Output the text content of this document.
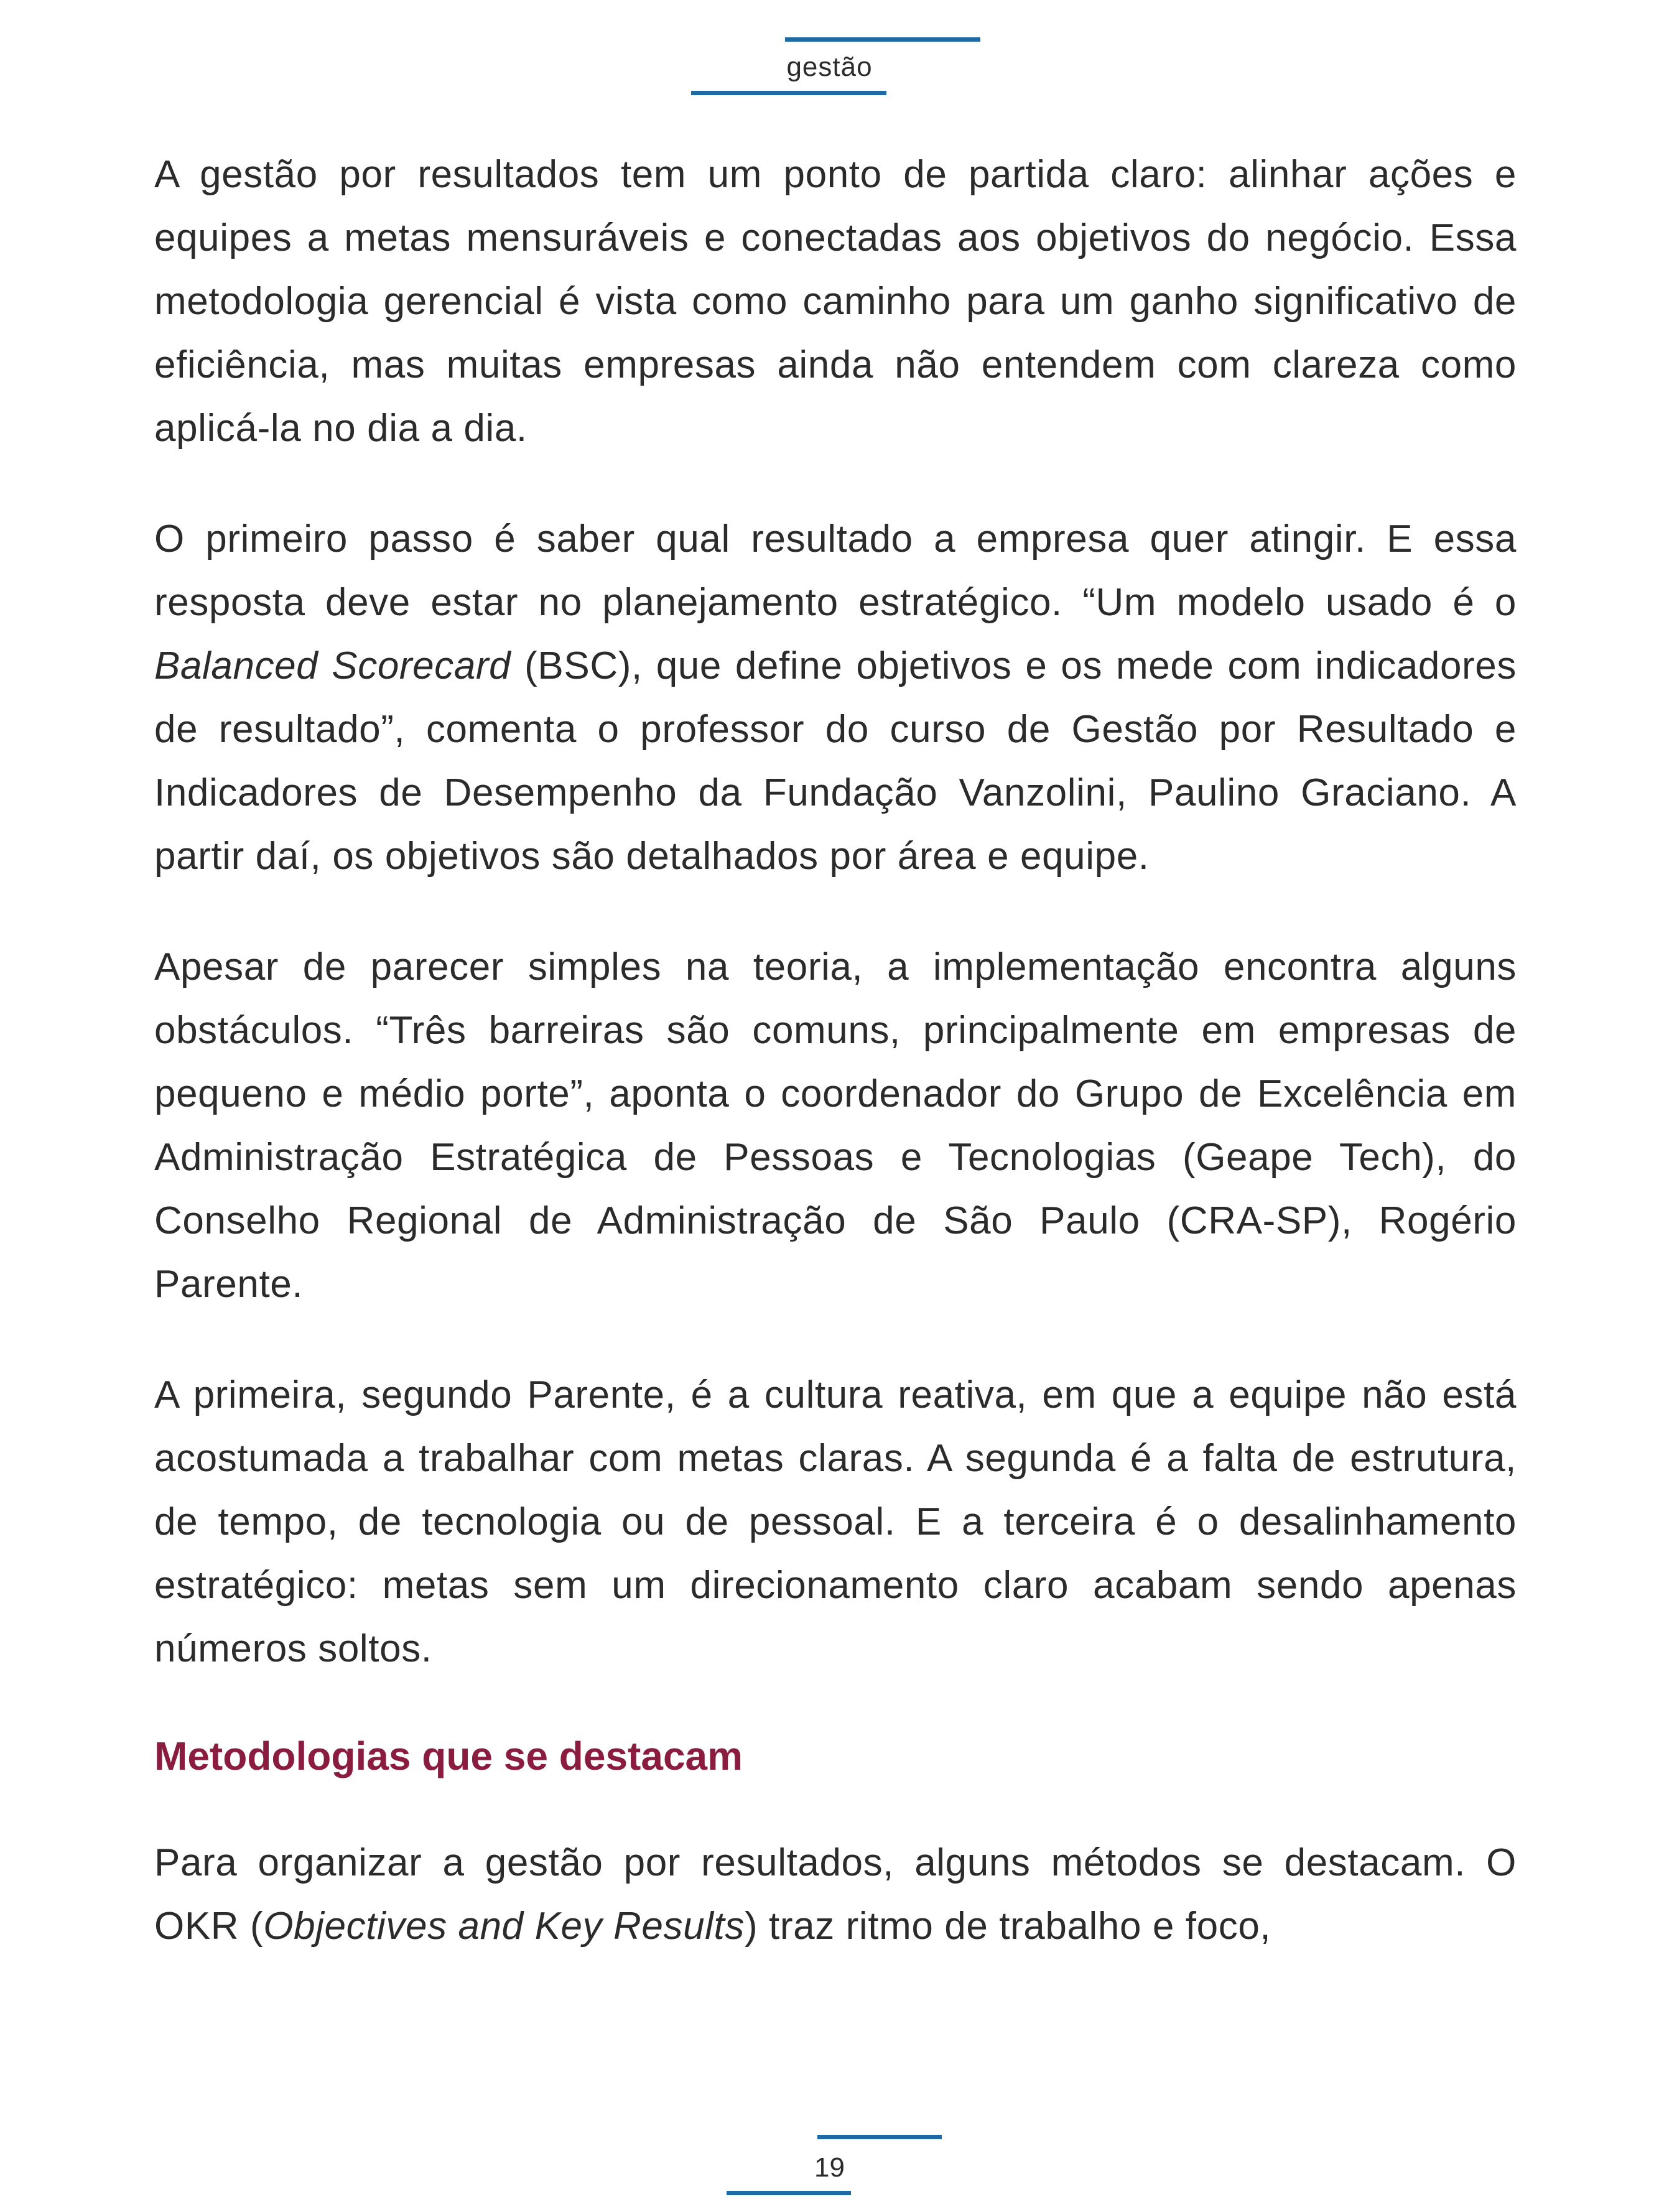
gestão

A gestão por resultados tem um ponto de partida claro: alinhar ações e equipes a metas mensuráveis e conectadas aos objetivos do negócio. Essa metodologia gerencial é vista como caminho para um ganho significativo de eficiência, mas muitas empresas ainda não entendem com clareza como aplicá-la no dia a dia.

O primeiro passo é saber qual resultado a empresa quer atingir. E essa resposta deve estar no planejamento estratégico. “Um modelo usado é o Balanced Scorecard (BSC), que define objetivos e os mede com indicadores de resultado”, comenta o professor do curso de Gestão por Resultado e Indicadores de Desempenho da Fundação Vanzolini, Paulino Graciano. A partir daí, os objetivos são detalhados por área e equipe.

Apesar de parecer simples na teoria, a implementação encontra alguns obstáculos. “Três barreiras são comuns, principalmente em empresas de pequeno e médio porte”, aponta o coordenador do Grupo de Excelência em Administração Estratégica de Pessoas e Tecnologias (Geape Tech), do Conselho Regional de Administração de São Paulo (CRA-SP), Rogério Parente.

A primeira, segundo Parente, é a cultura reativa, em que a equipe não está acostumada a trabalhar com metas claras. A segunda é a falta de estrutura, de tempo, de tecnologia ou de pessoal. E a terceira é o desalinhamento estratégico: metas sem um direcionamento claro acabam sendo apenas números soltos.

Metodologias que se destacam

Para organizar a gestão por resultados, alguns métodos se destacam. O OKR (Objectives and Key Results) traz ritmo de trabalho e foco,

19
